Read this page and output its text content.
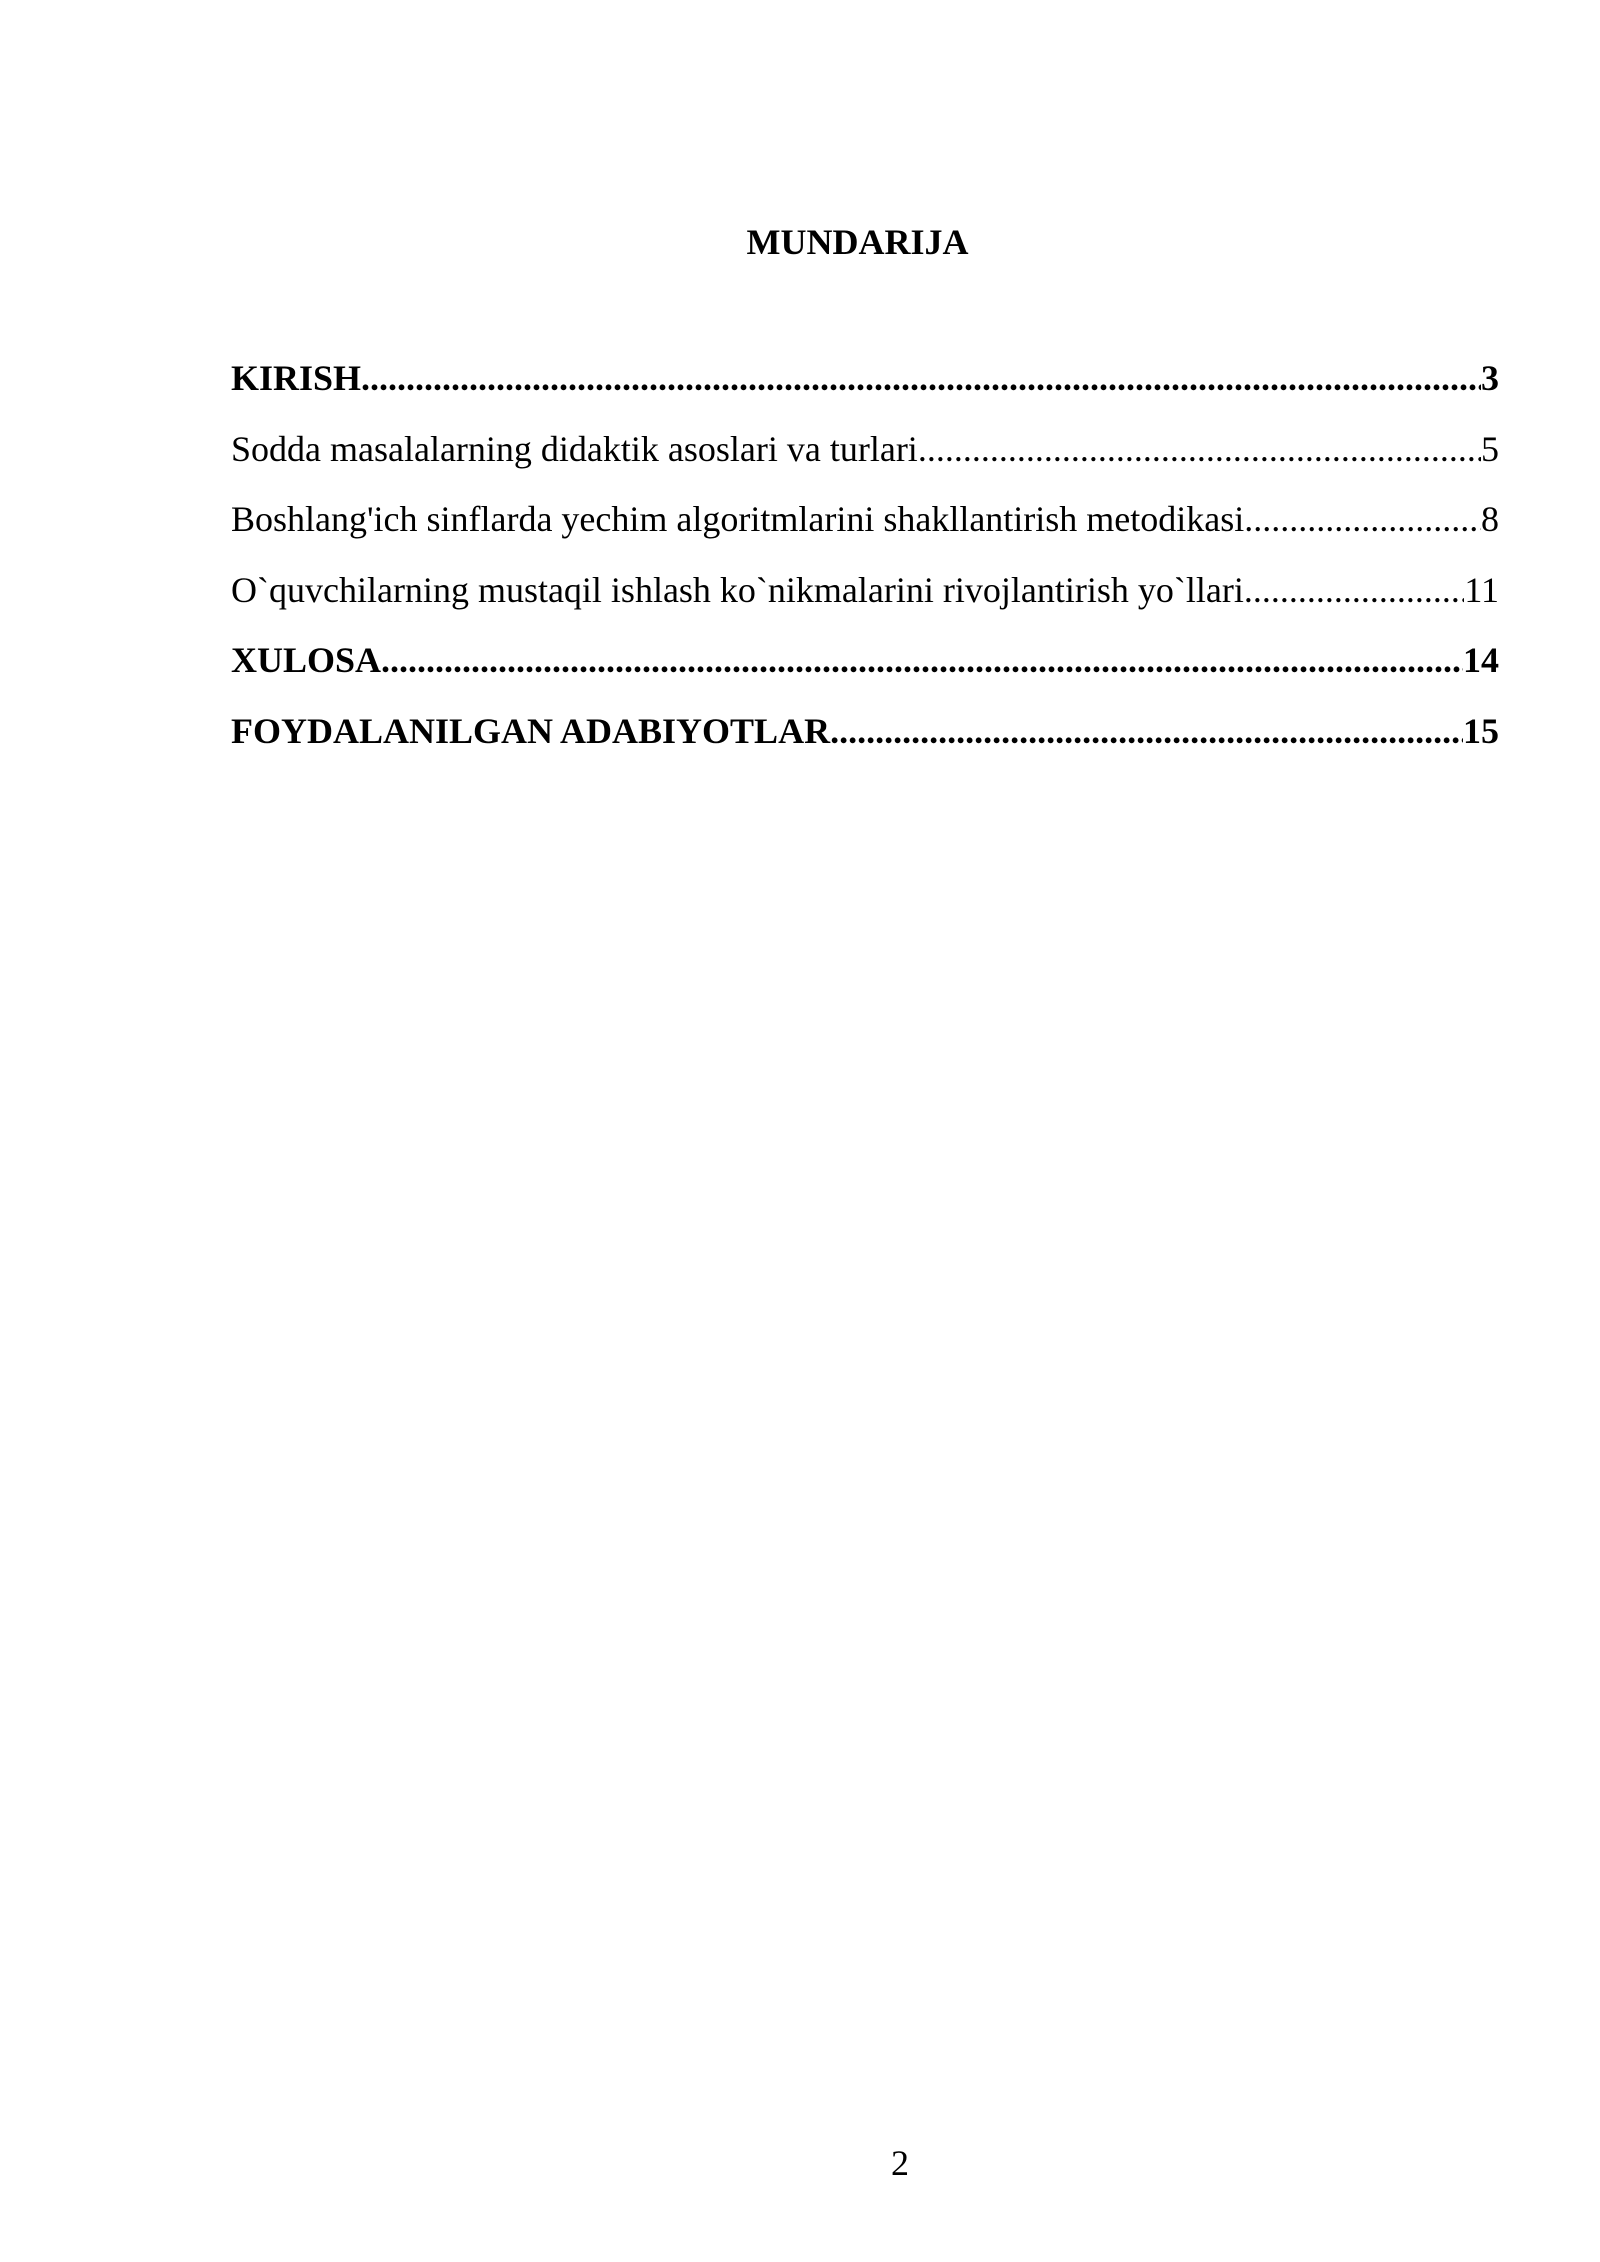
MUNDARIJA
KIRISH .....	3
Sodda masalalarning didaktik asoslari va turlari .....	5
Boshlang'ich sinflarda yechim algoritmlarini shakllantirish metodikasi .....	8
O`quvchilarning mustaqil ishlash ko`nikmalarini rivojlantirish yo`llari .....	11
XULOSA .....	14
FOYDALANILGAN ADABIYOTLAR .....	15
2
